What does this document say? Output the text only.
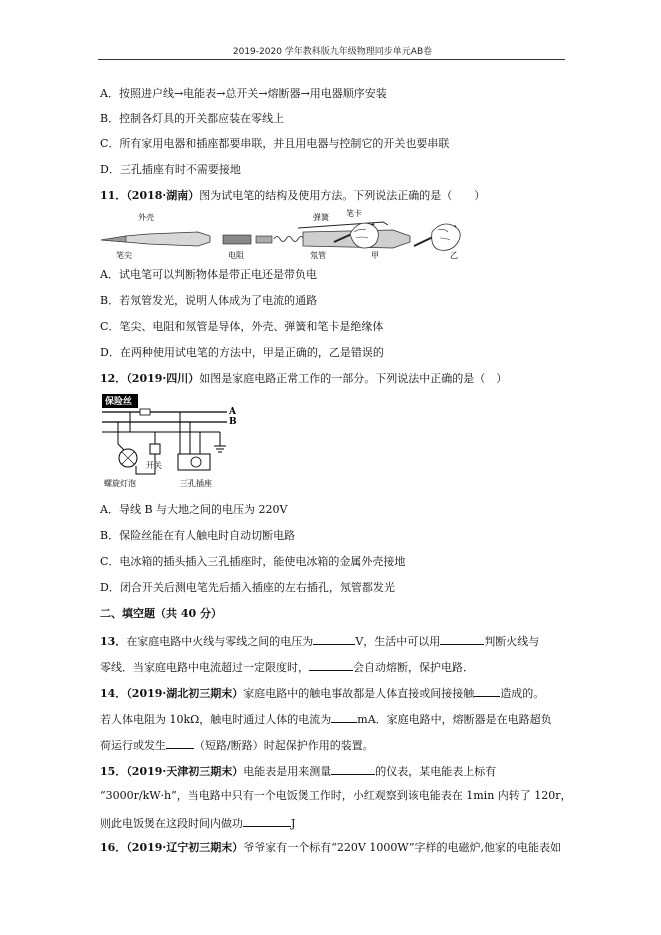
2019-2020 学年教科版九年级物理同步单元AB卷
A．按照进户线→电能表→总开关→熔断器→用电器顺序安装
B．控制各灯具的开关都应装在零线上
C．所有家用电器和插座都要串联，并且用电器与控制它的开关也要串联
D．三孔插座有时不需要接地
11．（2018·湖南）图为试电笔的结构及使用方法。下列说法正确的是（　　）
外壳	弹簧 笔卡
笔尖	电阻	氖管	甲	乙
A．试电笔可以判断物体是带正电还是带负电
B．若氖管发光，说明人体成为了电流的通路
C．笔尖、电阻和氖管是导体，外壳、弹簧和笔卡是绝缘体
D．在两种使用试电笔的方法中，甲是正确的，乙是错误的
12．（2019·四川）如图是家庭电路正常工作的一部分。下列说法中正确的是（　）
保险丝
A
B
开关
螺旋灯泡	三孔插座
A．导线 B 与大地之间的电压为 220V
B．保险丝能在有人触电时自动切断电路
C．电冰箱的插头插入三孔插座时，能使电冰箱的金属外壳接地
D．闭合开关后测电笔先后插入插座的左右插孔，氖管都发光
二、填空题（共 40 分）
13．在家庭电路中火线与零线之间的电压为	V，生活中可以用	判断火线与
零线．当家庭电路中电流超过一定限度时，	会自动熔断，保护电路．
14．（2019·湖北初三期末）家庭电路中的触电事故都是人体直接或间接接触 造成的。
若人体电阻为 10kΩ，触电时通过人体的电流为 mA．家庭电路中，熔断器是在电路超负
荷运行或发生	（短路/断路）时起保护作用的装置。
15．（2019·天津初三期末）电能表是用来测量	的仪表，某电能表上标有
“3000r/kW·h”，当电路中只有一个电饭煲工作时，小红观察到该电能表在 1min 内转了 120r，
则此电饭煲在这段时间内做功	J
16．（2019·辽宁初三期末）爷爷家有一个标有“220V 1000W”字样的电磁炉,他家的电能表如
